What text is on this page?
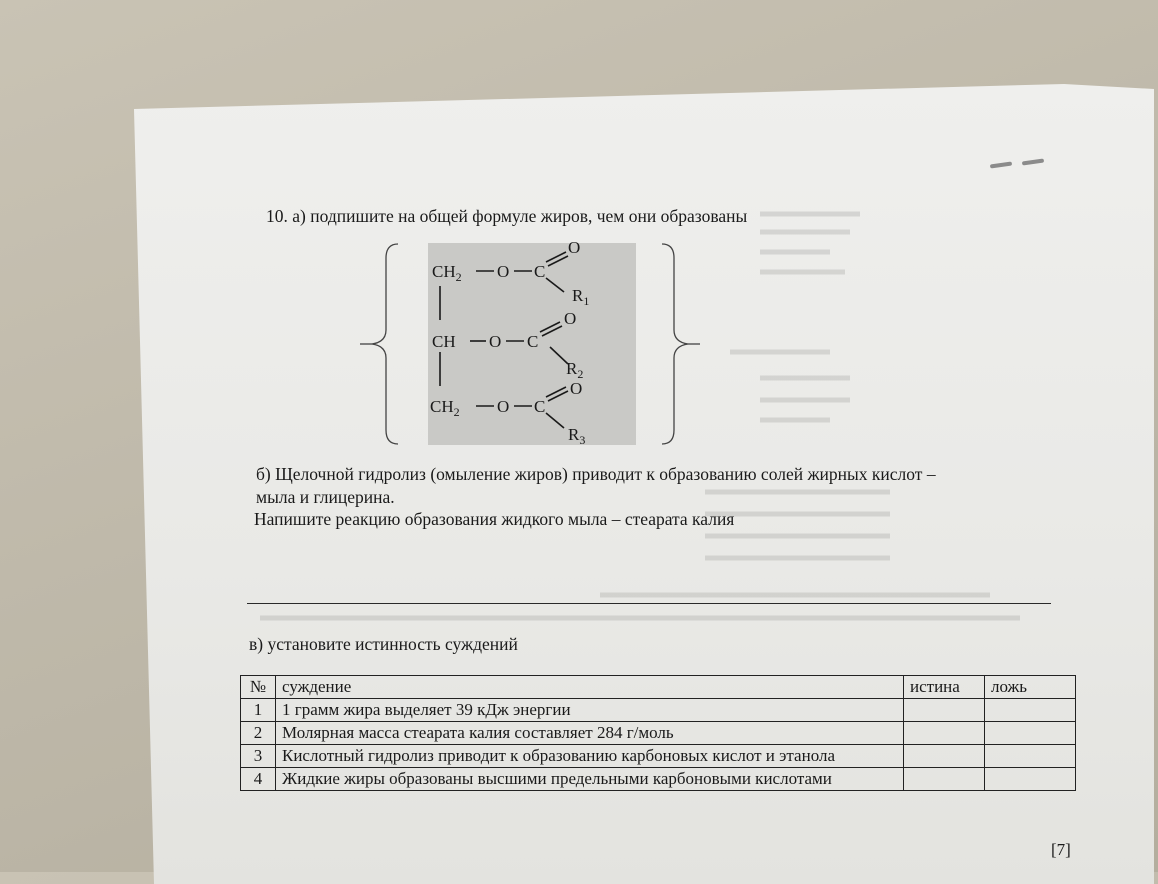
10. а) подпишите на общей формуле жиров, чем они образованы
$CH_2$ O C
O
$R_1$
CH O C
O
$R_2$
$CH_2$ O C
O
$R_3$
б) Щелочной гидролиз (омыление жиров) приводит к образованию солей жирных кислот –
мыла и глицерина.
Напишите реакцию образования жидкого мыла – стеарата калия
в) установите истинность суждений
№	суждение	истина	ложь
1	1 грамм жира выделяет 39 кДж энергии		
2	Молярная масса стеарата калия составляет 284 г/моль		
3	Кислотный гидролиз приводит к образованию карбоновых кислот и этанола		
4	Жидкие жиры образованы высшими предельными карбоновыми кислотами		
[7]
